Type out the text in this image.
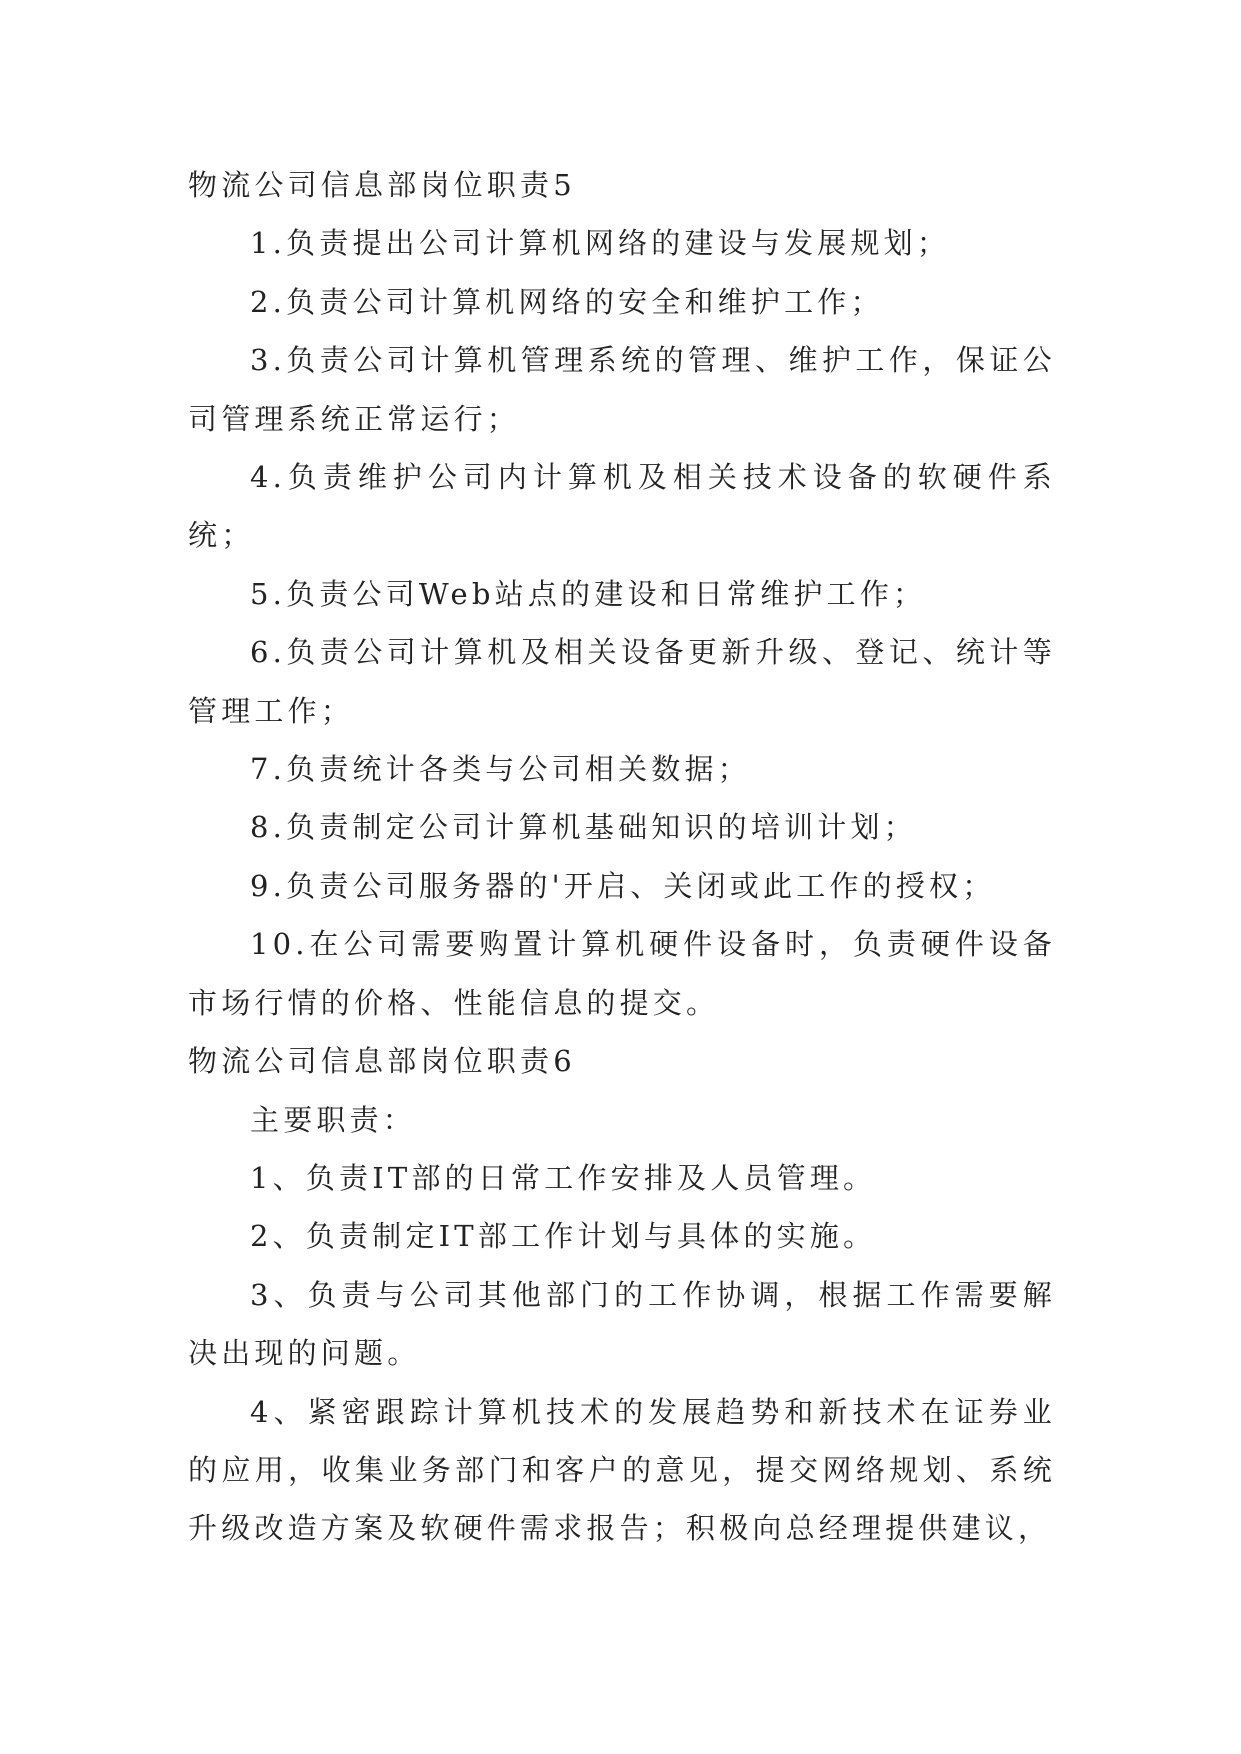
物流公司信息部岗位职责5

1.负责提出公司计算机网络的建设与发展规划；

2.负责公司计算机网络的安全和维护工作；

3.负责公司计算机管理系统的管理、维护工作，保证公司管理系统正常运行；

4.负责维护公司内计算机及相关技术设备的软硬件系统；

5.负责公司Web站点的建设和日常维护工作；

6.负责公司计算机及相关设备更新升级、登记、统计等管理工作；

7.负责统计各类与公司相关数据；

8.负责制定公司计算机基础知识的培训计划；

9.负责公司服务器的'开启、关闭或此工作的授权；

10.在公司需要购置计算机硬件设备时，负责硬件设备市场行情的价格、性能信息的提交。

物流公司信息部岗位职责6

主要职责：

1、负责IT部的日常工作安排及人员管理。

2、负责制定IT部工作计划与具体的实施。

3、负责与公司其他部门的工作协调，根据工作需要解决出现的问题。

4、紧密跟踪计算机技术的发展趋势和新技术在证券业的应用，收集业务部门和客户的意见，提交网络规划、系统升级改造方案及软硬件需求报告；积极向总经理提供建议，
